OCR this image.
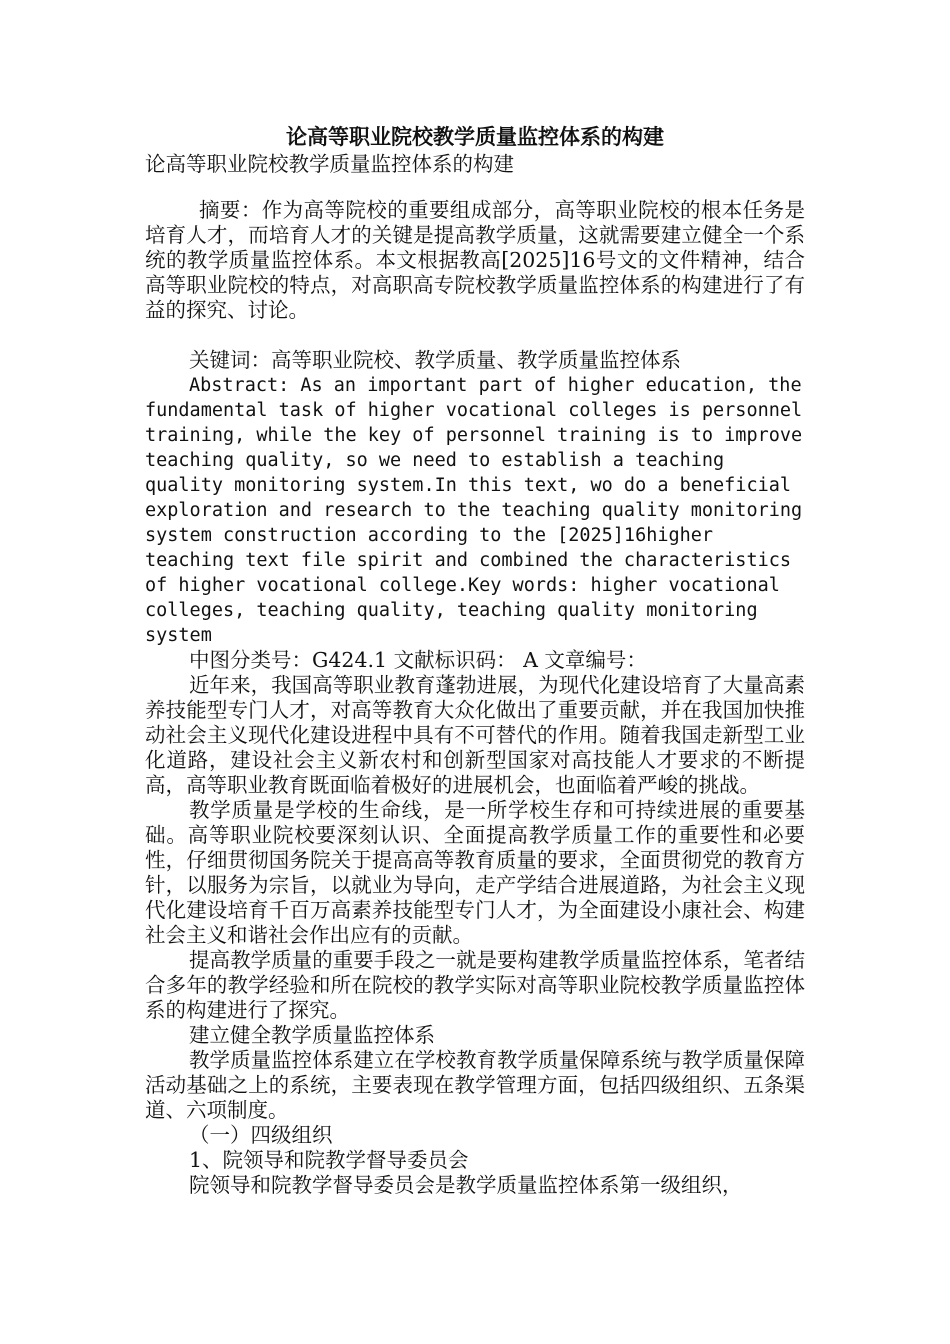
论高等职业院校教学质量监控体系的构建

论高等职业院校教学质量监控体系的构建

摘要：作为高等院校的重要组成部分，高等职业院校的根本任务是培育人才，而培育人才的关键是提高教学质量，这就需要建立健全一个系统的教学质量监控体系。本文根据教高[2025]16号文的文件精神，结合高等职业院校的特点，对高职高专院校教学质量监控体系的构建进行了有益的探究、讨论。

关键词：高等职业院校、教学质量、教学质量监控体系

Abstract: As an important part of higher education, the fundamental task of higher vocational colleges is personnel training, while the key of personnel training is to improve teaching quality, so we need to establish a teaching quality monitoring system.In this text, wo do a beneficial exploration and research to the teaching quality monitoring system construction according to the [2025]16higher teaching text file spirit and combined the characteristics of higher vocational college.Key words: higher vocational colleges, teaching quality, teaching quality monitoring system

中图分类号：G424.1 文献标识码： A 文章编号：

近年来，我国高等职业教育蓬勃进展，为现代化建设培育了大量高素养技能型专门人才，对高等教育大众化做出了重要贡献，并在我国加快推动社会主义现代化建设进程中具有不可替代的作用。随着我国走新型工业化道路，建设社会主义新农村和创新型国家对高技能人才要求的不断提高，高等职业教育既面临着极好的进展机会，也面临着严峻的挑战。

教学质量是学校的生命线，是一所学校生存和可持续进展的重要基础。高等职业院校要深刻认识、全面提高教学质量工作的重要性和必要性，仔细贯彻国务院关于提高高等教育质量的要求，全面贯彻党的教育方针，以服务为宗旨，以就业为导向，走产学结合进展道路，为社会主义现代化建设培育千百万高素养技能型专门人才，为全面建设小康社会、构建社会主义和谐社会作出应有的贡献。

提高教学质量的重要手段之一就是要构建教学质量监控体系，笔者结合多年的教学经验和所在院校的教学实际对高等职业院校教学质量监控体系的构建进行了探究。

建立健全教学质量监控体系

教学质量监控体系建立在学校教育教学质量保障系统与教学质量保障活动基础之上的系统，主要表现在教学管理方面，包括四级组织、五条渠道、六项制度。

（一）四级组织

1、院领导和院教学督导委员会

院领导和院教学督导委员会是教学质量监控体系第一级组织，
